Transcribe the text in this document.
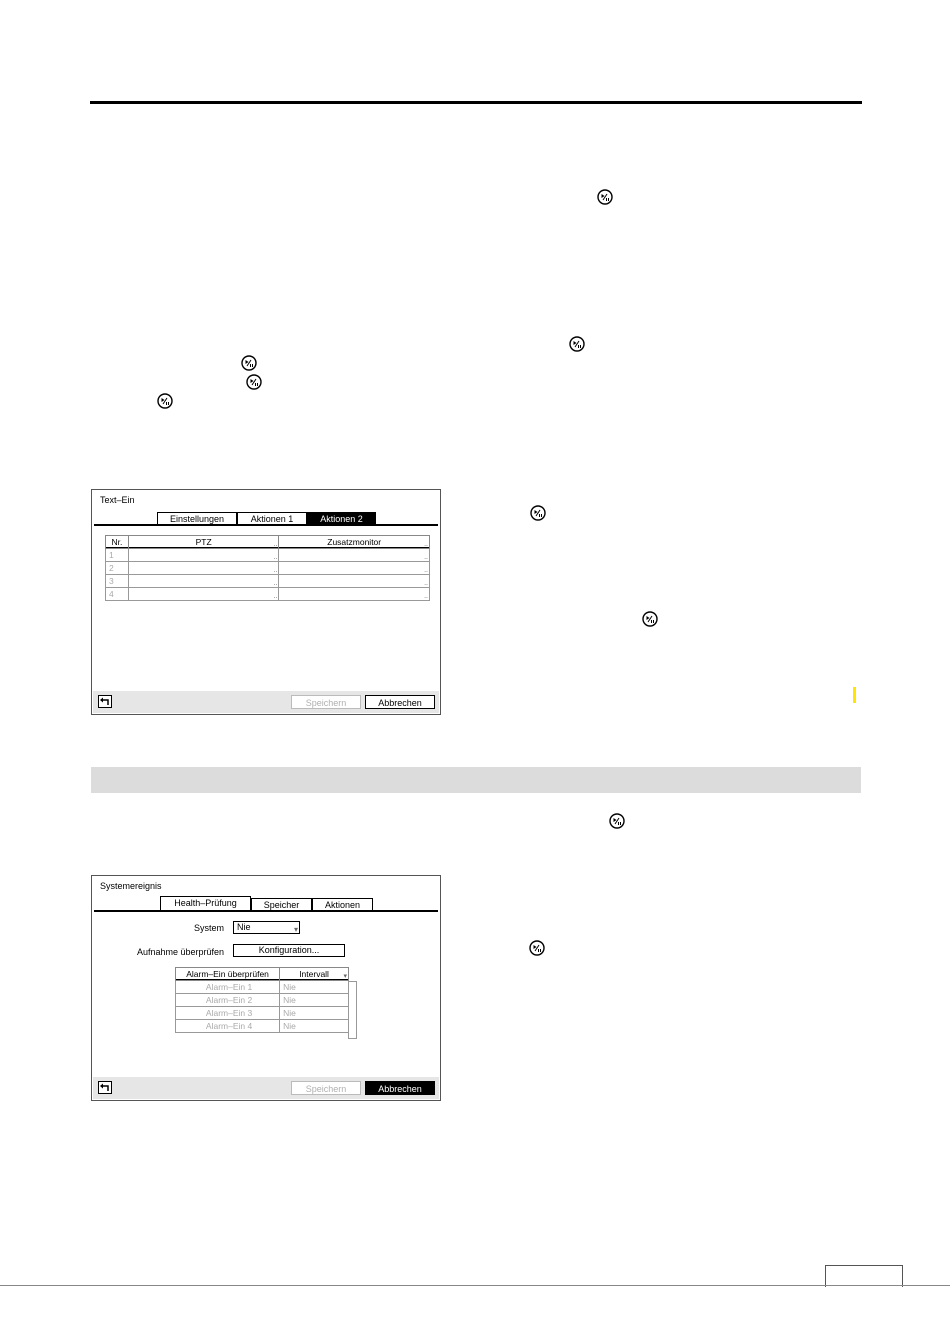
Text–Ein
Einstellungen	Aktionen 1	Aktionen 2
Nr.	PTZ ..	Zusatzmonitor ..

1	..	..

2	..	..

3	..	..

4	..	..
Speichern	Abbrechen
Systemereignis
Health–Prüfung	Speicher	Aktionen
System	Nie	▾
Aufnahme überprüfen	Konfiguration...
Alarm–Ein überprüfen	Intervall ▾

Alarm–Ein 1	Nie
Alarm–Ein 2	Nie
Alarm–Ein 3	Nie
Alarm–Ein 4	Nie
Speichern	Abbrechen
